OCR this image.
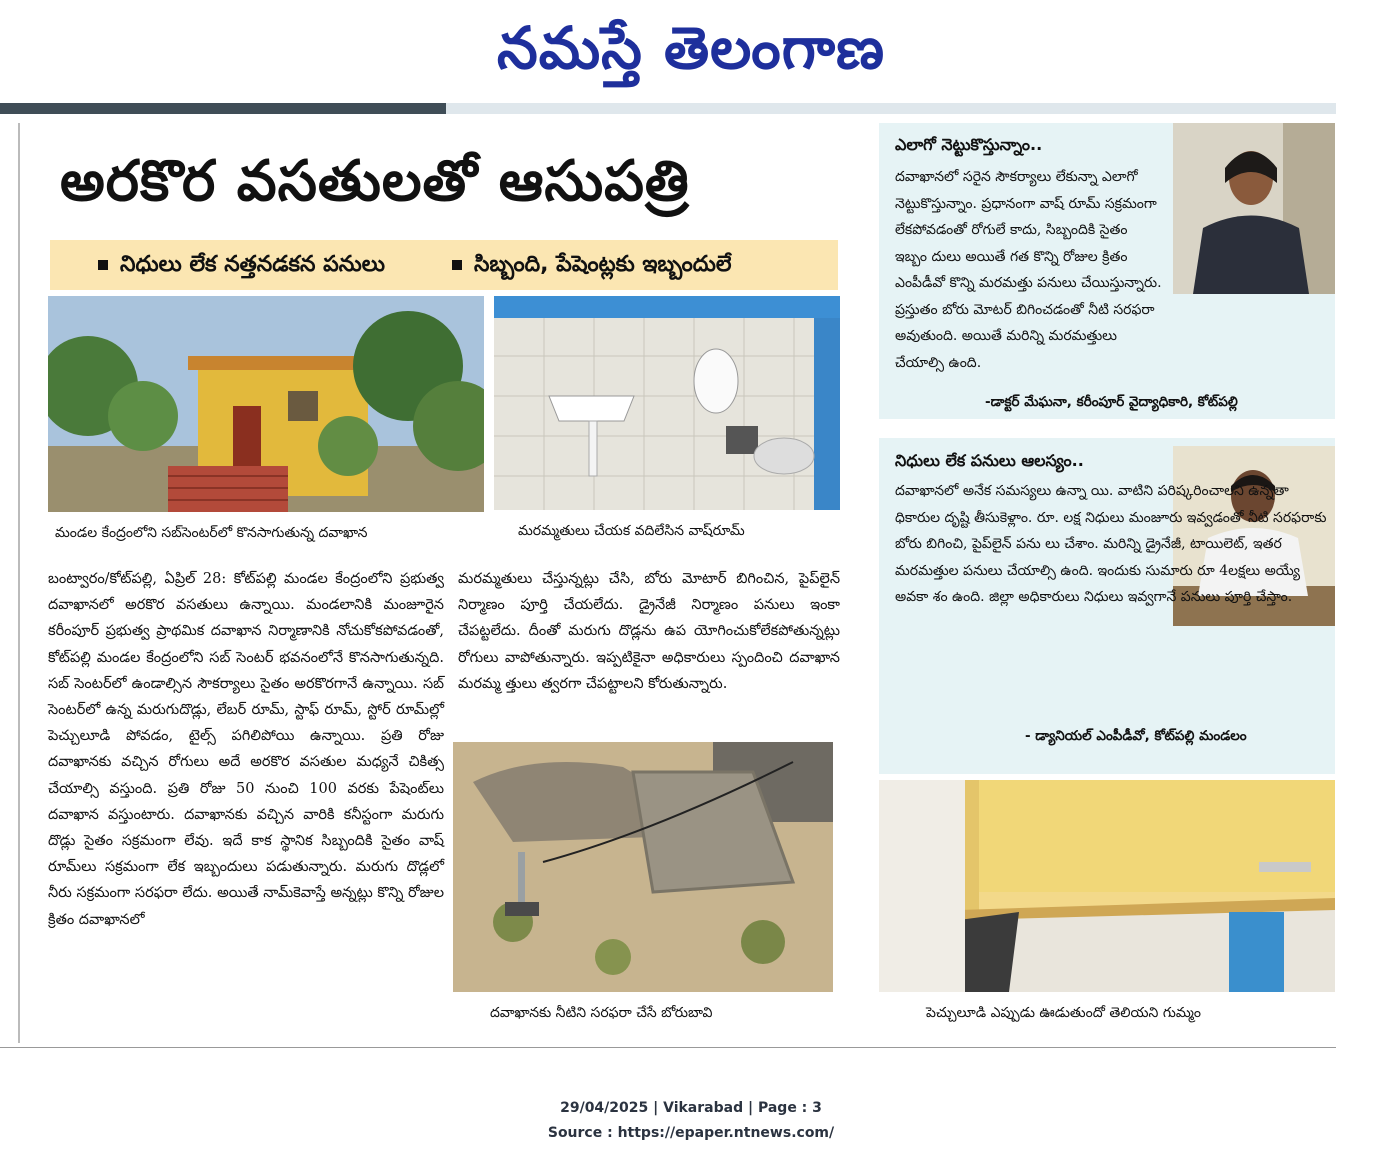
నమస్తే తెలంగాణ
అరకొర వసతులతో ఆసుపత్రి
నిధులు లేక నత్తనడకన పనులు	సిబ్బంది, పేషెంట్లకు ఇబ్బందులే
మండల కేంద్రంలోని సబ్‌సెంటర్‌లో కొనసాగుతున్న దవాఖాన	మరమ్మతులు చేయక వదిలేసిన వాష్‌రూమ్
బంట్వారం/కోట్‌పల్లి, ఏప్రిల్ 28: కోట్‌పల్లి మండల కేంద్రంలోని ప్రభుత్వ దవాఖానలో అరకొర వసతులు ఉన్నాయి. మండలానికి మంజూరైన కరీంపూర్ ప్రభుత్వ ప్రాథమిక దవాఖాన నిర్మాణానికి నోచుకోకపోవడంతో, కోట్‌పల్లి మండల కేంద్రంలోని సబ్ సెంటర్ భవనంలోనే కొనసాగుతున్నది. సబ్ సెంటర్‌లో ఉండాల్సిన సౌకర్యాలు సైతం అరకొరగానే ఉన్నాయి. సబ్ సెంటర్‌లో ఉన్న మరుగుదొడ్లు, లేబర్ రూమ్, స్టాఫ్ రూమ్, స్టోర్ రూమ్‌ల్లో పెచ్చులూడి పోవడం, టైల్స్ పగిలిపోయి ఉన్నాయి. ప్రతి రోజు దవాఖానకు వచ్చిన రోగులు అదే అరకొర వసతుల మధ్యనే చికిత్స చేయాల్సి వస్తుంది. ప్రతి రోజు 50 నుంచి 100 వరకు పేషెంట్‌లు దవాఖాన వస్తుంటారు. దవాఖానకు వచ్చిన వారికి కనీస్టంగా మరుగు దొడ్లు సైతం సక్రమంగా లేవు. ఇదే కాక స్థానిక సిబ్బందికి సైతం వాష్ రూమ్‌లు సక్రమంగా లేక ఇబ్బందులు పడుతున్నారు. మరుగు దొడ్లలో నీరు సక్రమంగా సరఫరా లేదు. అయితే నామ్‌కెవాస్తే అన్నట్లు కొన్ని రోజుల క్రితం దవాఖానలో
మరమ్మతులు చేస్తున్నట్లు చేసి, బోరు మోటార్ బిగించిన, పైప్‌లైన్ నిర్మాణం పూర్తి చేయలేదు. డ్రైనేజీ నిర్మాణం పనులు ఇంకా చేపట్టలేదు. దీంతో మరుగు దొడ్లను ఉప యోగించుకోలేకపోతున్నట్లు రోగులు వాపోతున్నారు. ఇప్పటికైనా అధికారులు స్పందించి దవాఖాన మరమ్మ త్తులు త్వరగా చేపట్టాలని కోరుతున్నారు.
దవాఖానకు నీటిని సరఫరా చేసే బోరుబావి
ఎలాగో నెట్టుకొస్తున్నాం..
దవాఖానలో సరైన సౌకర్యాలు లేకున్నా ఎలాగో నెట్టుకొస్తున్నాం. ప్రధానంగా వాష్ రూమ్ సక్రమంగా లేకపోవడంతో రోగులే కాదు, సిబ్బందికి సైతం ఇబ్బం దులు అయితే గత కొన్ని రోజుల క్రితం ఎంపీడీవో కొన్ని మరమత్తు పనులు చేయిస్తున్నారు. ప్రస్తుతం బోరు మోటర్ బిగించడంతో నీటి సరఫరా అవుతుంది. అయితే మరిన్ని మరమత్తులు చేయాల్సి ఉంది.
-డాక్టర్ మేఘనా, కరీంపూర్ వైద్యాధికారి, కోట్‌పల్లి
నిధులు లేక పనులు ఆలస్యం..
దవాఖానలో అనేక సమస్యలు ఉన్నా యి. వాటిని పరిష్కరించాలని ఉన్నతా ధికారుల దృష్టి తీసుకెళ్లాం. రూ. లక్ష నిధులు మంజూరు ఇవ్వడంతో నీటి సరఫరాకు బోరు బిగించి, పైప్‌లైన్ పను లు చేశాం. మరిన్ని డ్రైనేజీ, టాయిలెట్, ఇతర మరమత్తుల పనులు చేయాల్సి ఉంది. ఇందుకు సుమారు రూ 4లక్షలు అయ్యే అవకా శం ఉంది. జిల్లా అధికారులు నిధులు ఇవ్వగానే పనులు పూర్తి చేస్తాం.
- డ్యానియల్ ఎంపీడీవో, కోట్‌పల్లి మండలం
పెచ్చులూడి ఎప్పుడు ఊడుతుందో తెలియని గుమ్మం
29/04/2025 | Vikarabad | Page : 3
Source : https://epaper.ntnews.com/
